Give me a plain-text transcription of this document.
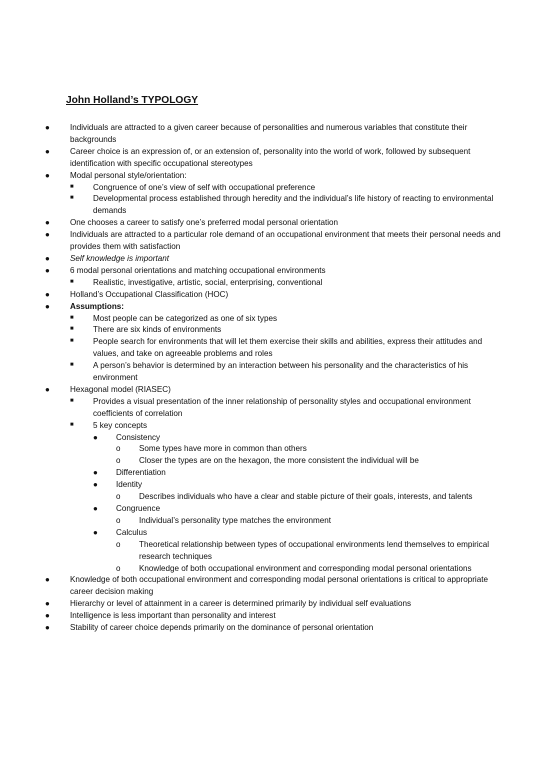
John Holland’s TYPOLOGY
● Individuals are attracted to a given career because of personalities and numerous variables that constitute their backgrounds
● Career choice is an expression of, or an extension of, personality into the world of work, followed by subsequent identification with specific occupational stereotypes
● Modal personal style/orientation:
■ Congruence of one’s view of self with occupational preference
■ Developmental process established through heredity and the individual’s life history of reacting to environmental demands
● One chooses a career to satisfy one’s preferred modal personal orientation
● Individuals are attracted to a particular role demand of an occupational environment that meets their personal needs and provides them with satisfaction
● Self knowledge is important
● 6 modal personal orientations and matching occupational environments
■ Realistic, investigative, artistic, social, enterprising, conventional
● Holland’s Occupational Classification (HOC)
● Assumptions:
■ Most people can be categorized as one of six types
■ There are six kinds of environments
■ People search for environments that will let them exercise their skills and abilities, express their attitudes and values, and take on agreeable problems and roles
■ A person’s behavior is determined by an interaction between his personality and the characteristics of his environment
● Hexagonal model (RIASEC)
■ Provides a visual presentation of the inner relationship of personality styles and occupational environment coefficients of correlation
■ 5 key concepts
● Consistency
o Some types have more in common than others
o Closer the types are on the hexagon, the more consistent the individual will be
● Differentiation
● Identity
o Describes individuals who have a clear and stable picture of their goals, interests, and talents
● Congruence
o Individual’s personality type matches the environment
● Calculus
o Theoretical relationship between types of occupational environments lend themselves to empirical research techniques
o Knowledge of both occupational environment and corresponding modal personal orientations
● Knowledge of both occupational environment and corresponding modal personal orientations is critical to appropriate career decision making
● Hierarchy or level of attainment in a career is determined primarily by individual self evaluations
● Intelligence is less important than personality and interest
● Stability of career choice depends primarily on the dominance of personal orientation
